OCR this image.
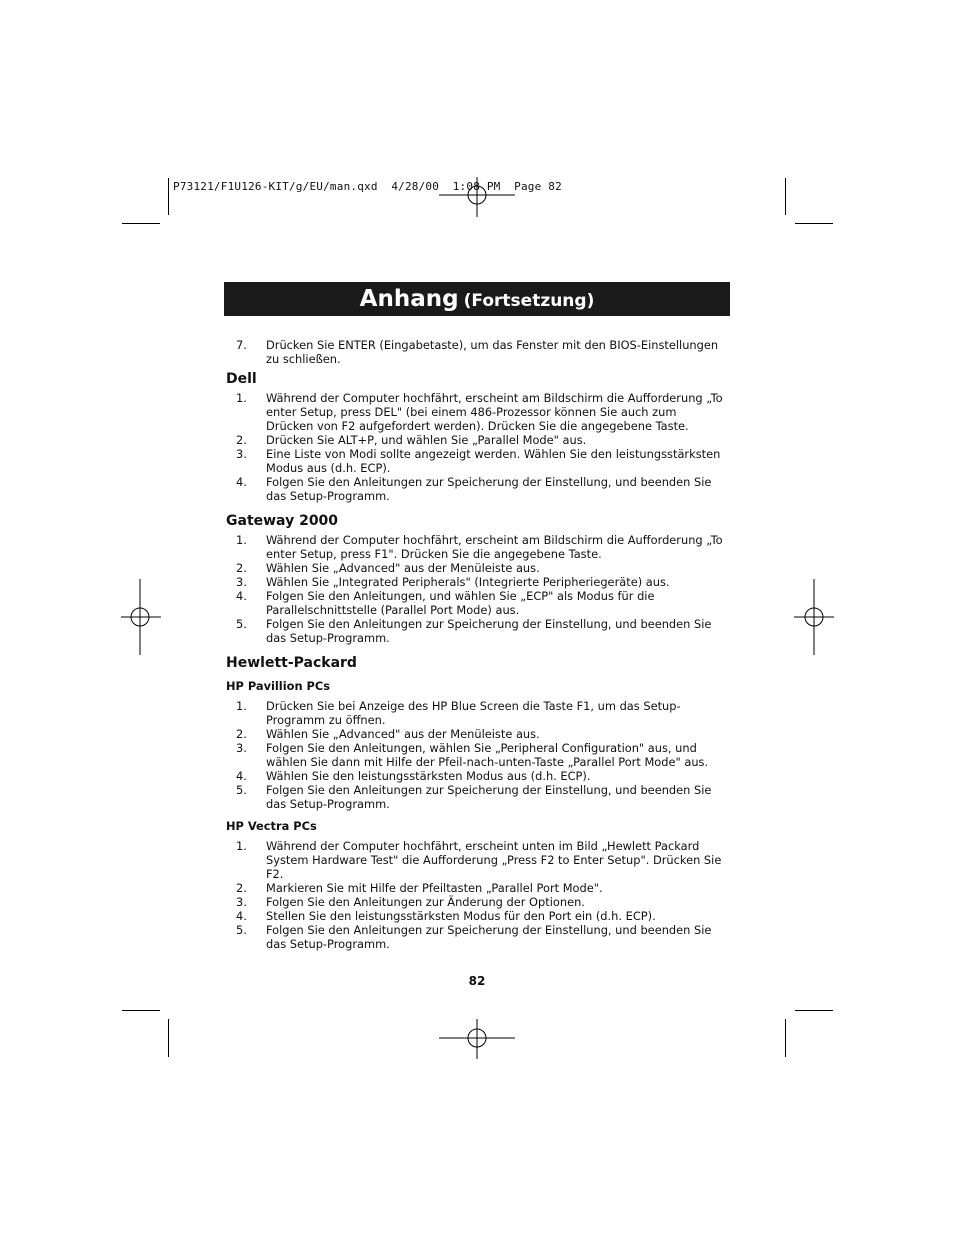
P73121/F1U126-KIT/g/EU/man.qxd  4/28/00  1:08 PM  Page 82
Anhang (Fortsetzung)
7.	Drücken Sie ENTER (Eingabetaste), um das Fenster mit den BIOS-Einstellungen zu schließen.
Dell
1.	Während der Computer hochfährt, erscheint am Bildschirm die Aufforderung „To enter Setup, press DEL" (bei einem 486-Prozessor können Sie auch zum Drücken von F2 aufgefordert werden). Drücken Sie die angegebene Taste.
2.	Drücken Sie ALT+P, und wählen Sie „Parallel Mode" aus.
3.	Eine Liste von Modi sollte angezeigt werden. Wählen Sie den leistungsstärksten Modus aus (d.h. ECP).
4.	Folgen Sie den Anleitungen zur Speicherung der Einstellung, und beenden Sie das Setup-Programm.
Gateway 2000
1.	Während der Computer hochfährt, erscheint am Bildschirm die Aufforderung „To enter Setup, press F1". Drücken Sie die angegebene Taste.
2.	Wählen Sie „Advanced" aus der Menüleiste aus.
3.	Wählen Sie „Integrated Peripherals" (Integrierte Peripheriegeräte) aus.
4.	Folgen Sie den Anleitungen, und wählen Sie „ECP" als Modus für die Parallelschnittstelle (Parallel Port Mode) aus.
5.	Folgen Sie den Anleitungen zur Speicherung der Einstellung, und beenden Sie das Setup-Programm.
Hewlett-Packard
HP Pavillion PCs
1.	Drücken Sie bei Anzeige des HP Blue Screen die Taste F1, um das Setup-Programm zu öffnen.
2.	Wählen Sie „Advanced" aus der Menüleiste aus.
3.	Folgen Sie den Anleitungen, wählen Sie „Peripheral Configuration" aus, und wählen Sie dann mit Hilfe der Pfeil-nach-unten-Taste „Parallel Port Mode" aus.
4.	Wählen Sie den leistungsstärksten Modus aus (d.h. ECP).
5.	Folgen Sie den Anleitungen zur Speicherung der Einstellung, und beenden Sie das Setup-Programm.
HP Vectra PCs
1.	Während der Computer hochfährt, erscheint unten im Bild „Hewlett Packard System Hardware Test" die Aufforderung „Press F2 to Enter Setup". Drücken Sie F2.
2.	Markieren Sie mit Hilfe der Pfeiltasten „Parallel Port Mode".
3.	Folgen Sie den Anleitungen zur Änderung der Optionen.
4.	Stellen Sie den leistungsstärksten Modus für den Port ein (d.h. ECP).
5.	Folgen Sie den Anleitungen zur Speicherung der Einstellung, und beenden Sie das Setup-Programm.
82
